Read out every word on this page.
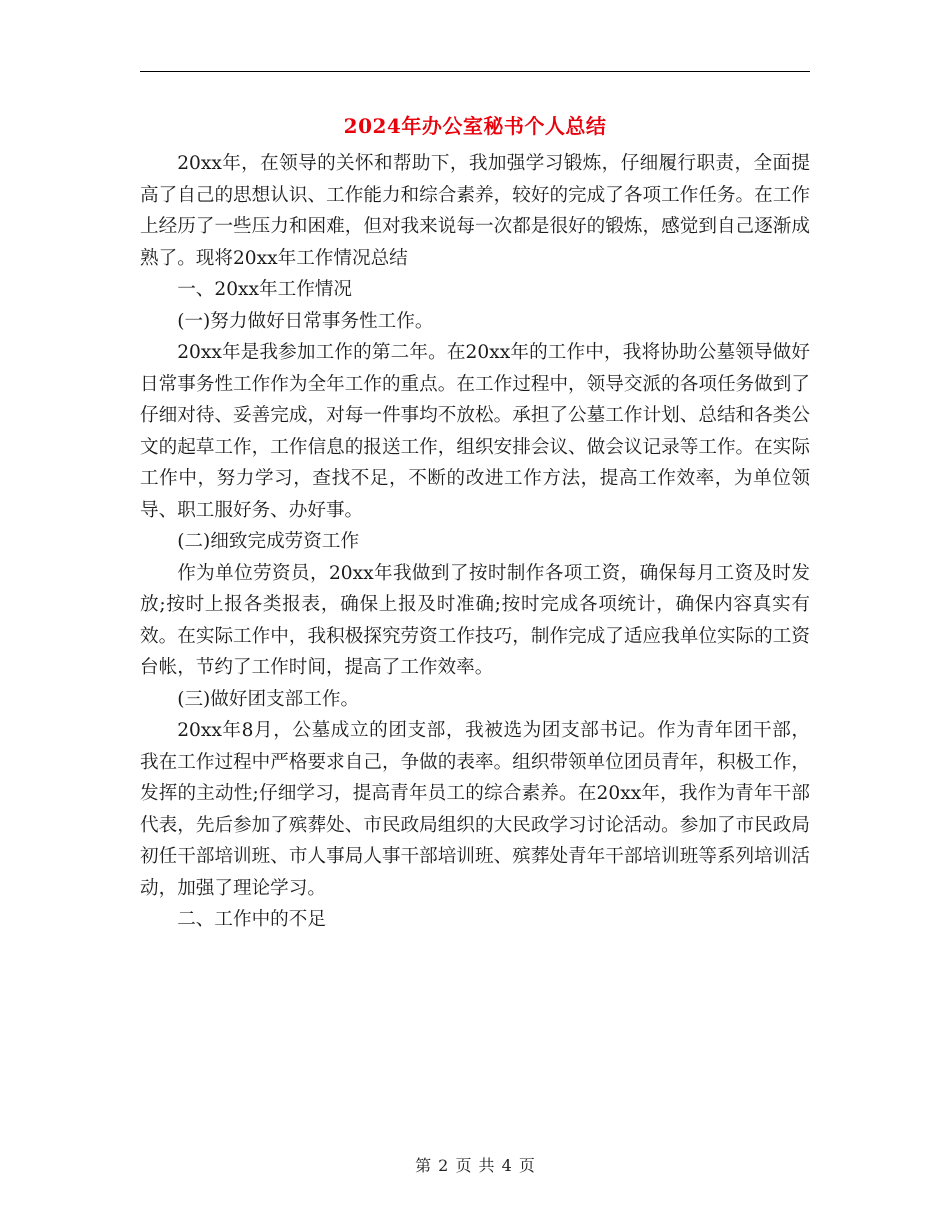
2024年办公室秘书个人总结

20xx年，在领导的关怀和帮助下，我加强学习锻炼，仔细履行职责，全面提高了自己的思想认识、工作能力和综合素养，较好的完成了各项工作任务。在工作上经历了一些压力和困难，但对我来说每一次都是很好的锻炼，感觉到自己逐渐成熟了。现将20xx年工作情况总结

一、20xx年工作情况

(一)努力做好日常事务性工作。

20xx年是我参加工作的第二年。在20xx年的工作中，我将协助公墓领导做好日常事务性工作作为全年工作的重点。在工作过程中，领导交派的各项任务做到了仔细对待、妥善完成，对每一件事均不放松。承担了公墓工作计划、总结和各类公文的起草工作，工作信息的报送工作，组织安排会议、做会议记录等工作。在实际工作中，努力学习，查找不足，不断的改进工作方法，提高工作效率，为单位领导、职工服好务、办好事。

(二)细致完成劳资工作

作为单位劳资员，20xx年我做到了按时制作各项工资，确保每月工资及时发放;按时上报各类报表，确保上报及时准确;按时完成各项统计，确保内容真实有效。在实际工作中，我积极探究劳资工作技巧，制作完成了适应我单位实际的工资台帐，节约了工作时间，提高了工作效率。

(三)做好团支部工作。

20xx年8月，公墓成立的团支部，我被选为团支部书记。作为青年团干部，我在工作过程中严格要求自己，争做的表率。组织带领单位团员青年，积极工作，发挥的主动性;仔细学习，提高青年员工的综合素养。在20xx年，我作为青年干部代表，先后参加了殡葬处、市民政局组织的大民政学习讨论活动。参加了市民政局初任干部培训班、市人事局人事干部培训班、殡葬处青年干部培训班等系列培训活动，加强了理论学习。

二、工作中的不足

第 2 页 共 4 页
